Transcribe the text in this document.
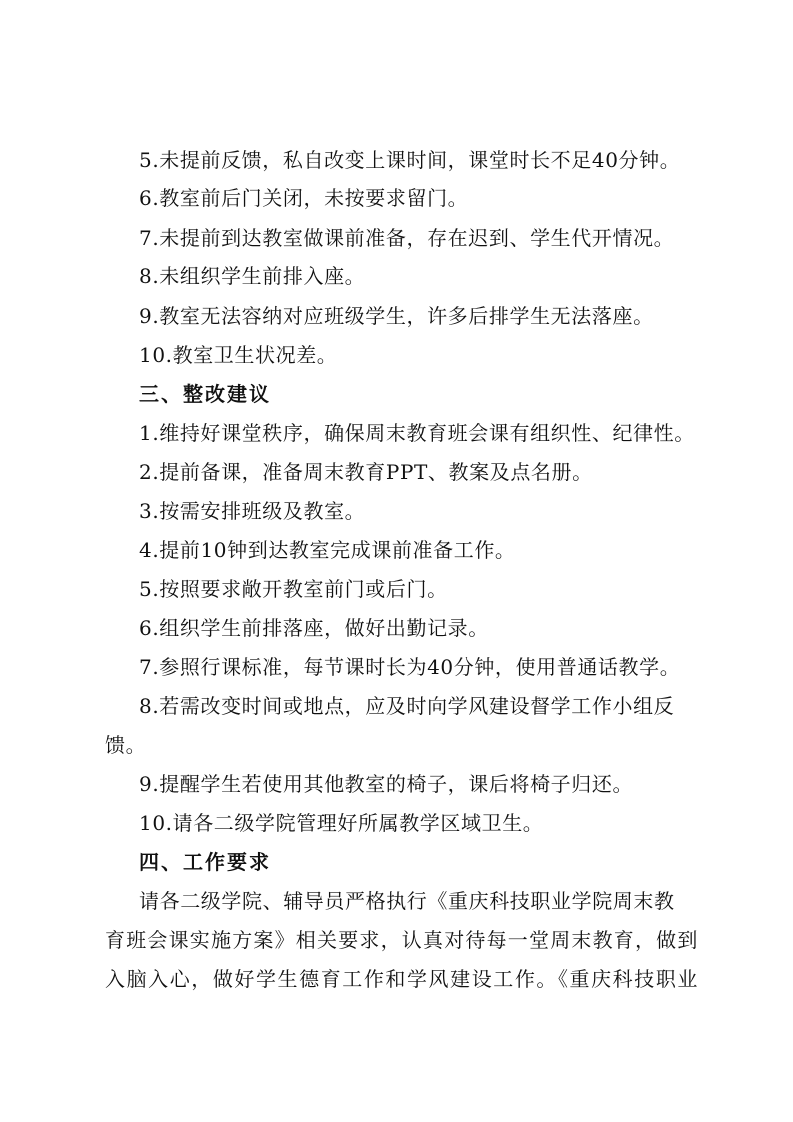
5.未提前反馈，私自改变上课时间，课堂时长不足40分钟。
6.教室前后门关闭，未按要求留门。
7.未提前到达教室做课前准备，存在迟到、学生代开情况。
8.未组织学生前排入座。
9.教室无法容纳对应班级学生，许多后排学生无法落座。
10.教室卫生状况差。
三、整改建议
1.维持好课堂秩序，确保周末教育班会课有组织性、纪律性。
2.提前备课，准备周末教育PPT、教案及点名册。
3.按需安排班级及教室。
4.提前10钟到达教室完成课前准备工作。
5.按照要求敞开教室前门或后门。
6.组织学生前排落座，做好出勤记录。
7.参照行课标准，每节课时长为40分钟，使用普通话教学。
8.若需改变时间或地点，应及时向学风建设督学工作小组反
馈。
9.提醒学生若使用其他教室的椅子，课后将椅子归还。
10.请各二级学院管理好所属教学区域卫生。
四、工作要求
请各二级学院、辅导员严格执行《重庆科技职业学院周末教
育班会课实施方案》相关要求，认真对待每一堂周末教育，做到
入脑入心，做好学生德育工作和学风建设工作。《重庆科技职业
